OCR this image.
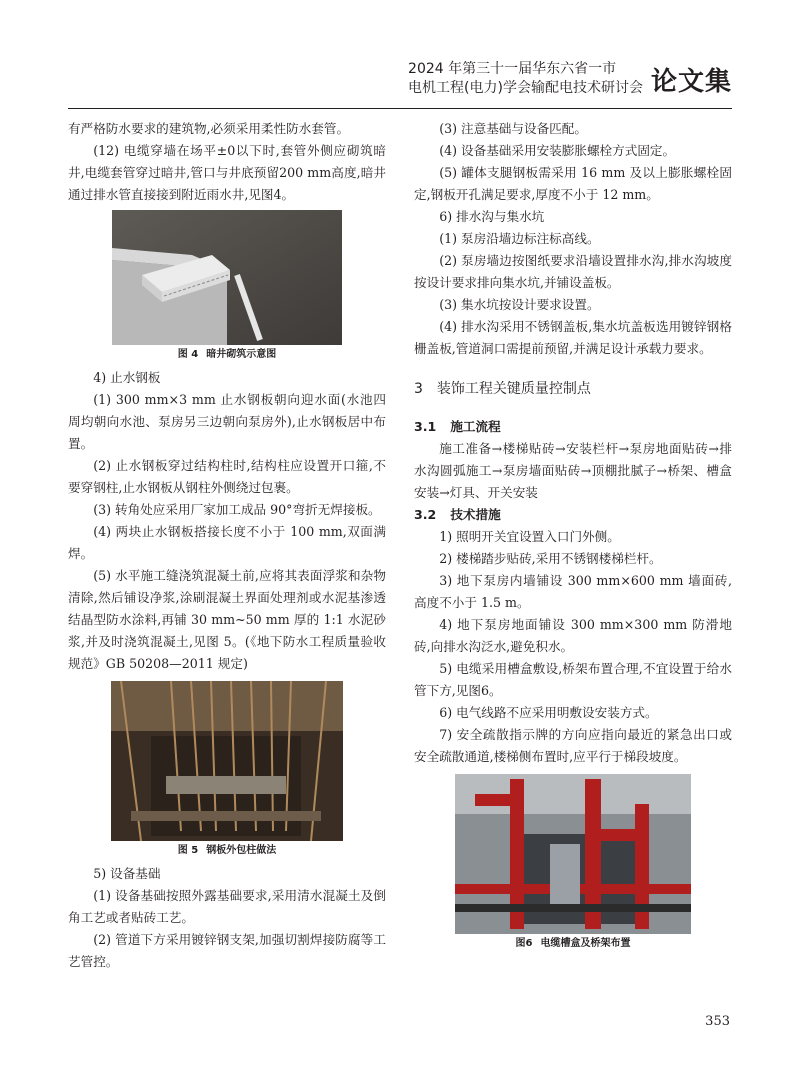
2024 年第三十一届华东六省一市
电机工程(电力)学会输配电技术研讨会 论文集

有严格防水要求的建筑物,必须采用柔性防水套管。

(12) 电缆穿墙在场平±0以下时,套管外侧应砌筑暗井,电缆套管穿过暗井,管口与井底预留200 mm高度,暗井通过排水管直接接到附近雨水井,见图4。

图 4 暗井砌筑示意图

4) 止水钢板

(1) 300 mm×3 mm 止水钢板朝向迎水面(水池四周均朝向水池、泵房另三边朝向泵房外),止水钢板居中布置。

(2) 止水钢板穿过结构柱时,结构柱应设置开口箍,不要穿钢柱,止水钢板从钢柱外侧绕过包裹。

(3) 转角处应采用厂家加工成品 90°弯折无焊接板。

(4) 两块止水钢板搭接长度不小于 100 mm,双面满焊。

(5) 水平施工缝浇筑混凝土前,应将其表面浮浆和杂物清除,然后铺设净浆,涂刷混凝土界面处理剂或水泥基渗透结晶型防水涂料,再铺 30 mm~50 mm 厚的 1:1 水泥砂浆,并及时浇筑混凝土,见图 5。(《地下防水工程质量验收规范》GB 50208—2011 规定)

图 5 钢板外包柱做法

5) 设备基础

(1) 设备基础按照外露基础要求,采用清水混凝土及倒角工艺或者贴砖工艺。

(2) 管道下方采用镀锌钢支架,加强切割焊接防腐等工艺管控。

(3) 注意基础与设备匹配。

(4) 设备基础采用安装膨胀螺栓方式固定。

(5) 罐体支腿钢板需采用 16 mm 及以上膨胀螺栓固定,钢板开孔满足要求,厚度不小于 12 mm。

6) 排水沟与集水坑

(1) 泵房沿墙边标注标高线。

(2) 泵房墙边按图纸要求沿墙设置排水沟,排水沟坡度按设计要求排向集水坑,并铺设盖板。

(3) 集水坑按设计要求设置。

(4) 排水沟采用不锈钢盖板,集水坑盖板选用镀锌钢格栅盖板,管道洞口需提前预留,并满足设计承载力要求。

3 装饰工程关键质量控制点
3.1 施工流程

施工准备→楼梯贴砖→安装栏杆→泵房地面贴砖→排水沟圆弧施工→泵房墙面贴砖→顶棚批腻子→桥架、槽盒安装→灯具、开关安装

3.2 技术措施

1) 照明开关宜设置入口门外侧。

2) 楼梯踏步贴砖,采用不锈钢楼梯栏杆。

3) 地下泵房内墙铺设 300 mm×600 mm 墙面砖,高度不小于 1.5 m。

4) 地下泵房地面铺设 300 mm×300 mm 防滑地砖,向排水沟泛水,避免积水。

5) 电缆采用槽盒敷设,桥架布置合理,不宜设置于给水管下方,见图6。

6) 电气线路不应采用明敷设安装方式。

7) 安全疏散指示牌的方向应指向最近的紧急出口或安全疏散通道,楼梯侧布置时,应平行于梯段坡度。

图6 电缆槽盒及桥架布置
353
